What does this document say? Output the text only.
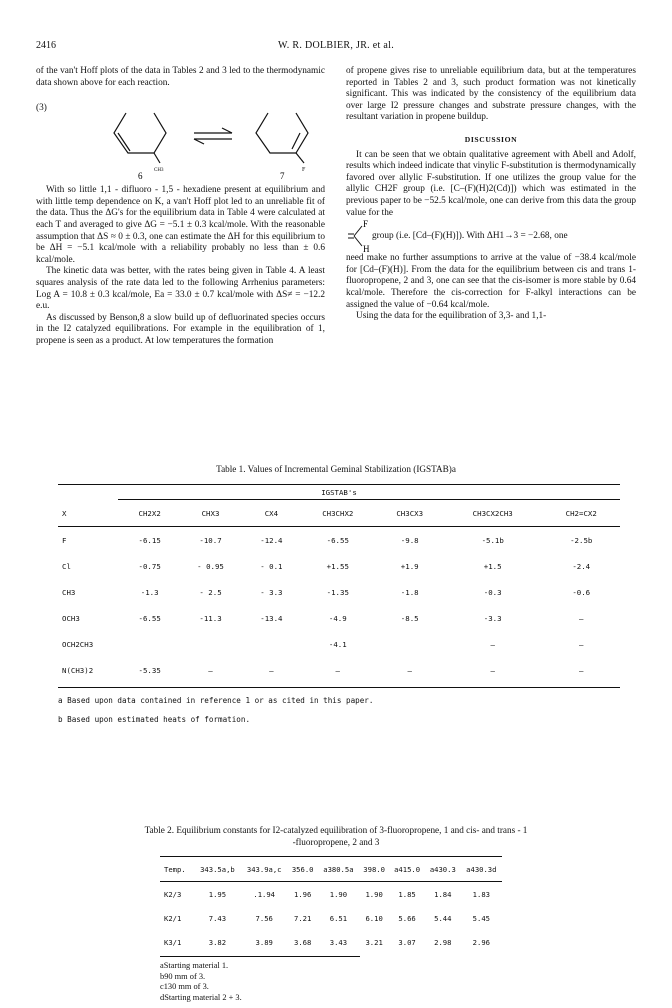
2416	W. R. DOLBIER, JR. et al.

of the van't Hoff plots of the data in Tables 2 and 3 led to the thermodynamic data shown above for each reaction.

(3)
6	7
CH3	F

With so little 1,1 - difluoro - 1,5 - hexadiene present at equilibrium and with little temp dependence on K, a van't Hoff plot led to an unreliable fit of the data. Thus the ΔG's for the equilibrium data in Table 4 were calculated at each T and averaged to give ΔG = −5.1 ± 0.3 kcal/mole. With the reasonable assumption that ΔS ≈ 0 ± 0.3, one can estimate the ΔH for this equilibrium to be ΔH = −5.1 kcal/mole with a reliability probably no less than ± 0.6 kcal/mole.

The kinetic data was better, with the rates being given in Table 4. A least squares analysis of the rate data led to the following Arrhenius parameters: Log A = 10.8 ± 0.3 kcal/mole, Ea = 33.0 ± 0.7 kcal/mole with ΔS≠ = −12.2 e.u.

As discussed by Benson,8 a slow build up of defluorinated species occurs in the I2 catalyzed equilibrations. For example in the equilibration of 1, propene is seen as a product. At low temperatures the formation

of propene gives rise to unreliable equilibrium data, but at the temperatures reported in Tables 2 and 3, such product formation was not kinetically significant. This was indicated by the consistency of the equilibrium data over large I2 pressure changes and substrate pressure changes, with the resultant variation in propene buildup.

DISCUSSION

It can be seen that we obtain qualitative agreement with Abell and Adolf, results which indeed indicate that vinylic F-substitution is thermodynamically favored over allylic F-substitution. If one utilizes the group value for the allylic CH2F group (i.e. [C–(F)(H)2(Cd)]) which was estimated in the previous paper to be −52.5 kcal/mole, one can derive from this data the group value for the

F
H
group (i.e. [Cd–(F)(H)]). With ΔH1→3 = −2.68, one

need make no further assumptions to arrive at the value of −38.4 kcal/mole for [Cd–(F)(H)]. From the data for the equilibrium between cis and trans 1-fluoropropene, 2 and 3, one can see that the cis-isomer is more stable by 0.64 kcal/mole. Therefore the cis-correction for F-alkyl interactions can be assigned the value of −0.64 kcal/mole.

Using the data for the equilibration of 3,3- and 1,1-

Table 1. Values of Incremental Geminal Stabilization (IGSTAB)a
IGSTAB's
X	CH2X2	CHX3	CX4	CH3CHX2	CH3CX3	CH3CX2CH3	CH2=CX2
F	-6.15	-10.7	-12.4	-6.55	-9.8	-5.1b	-2.5b
Cl	-0.75	- 0.95	- 0.1	+1.55	+1.9	+1.5	-2.4
CH3	-1.3	- 2.5	- 3.3	-1.35	-1.8	-0.3	-0.6
OCH3	-6.55	-11.3	-13.4	-4.9	-8.5	-3.3	—
OCH2CH3				-4.1		—	—
N(CH3)2	-5.35	—	—	—	—	—	—
a Based upon data contained in reference 1 or as cited in this paper.
b Based upon estimated heats of formation.
Table 2. Equilibrium constants for I2-catalyzed equilibration of 3-fluoropropene, 1 and cis- and trans - 1
-fluoropropene, 2 and 3
Temp.	343.5a,b	343.9a,c	356.0	a380.5a	398.0	a415.0	a430.3	a430.3d
K2/3	1.95	.1.94	1.96	1.90	1.90	1.85	1.84	1.83
K2/1	7.43	7.56	7.21	6.51	6.10	5.66	5.44	5.45
K3/1	3.82	3.89	3.68	3.43	3.21	3.07	2.98	2.96
aStarting material 1.
b90 mm of 3.
c130 mm of 3.
dStarting material 2 + 3.
